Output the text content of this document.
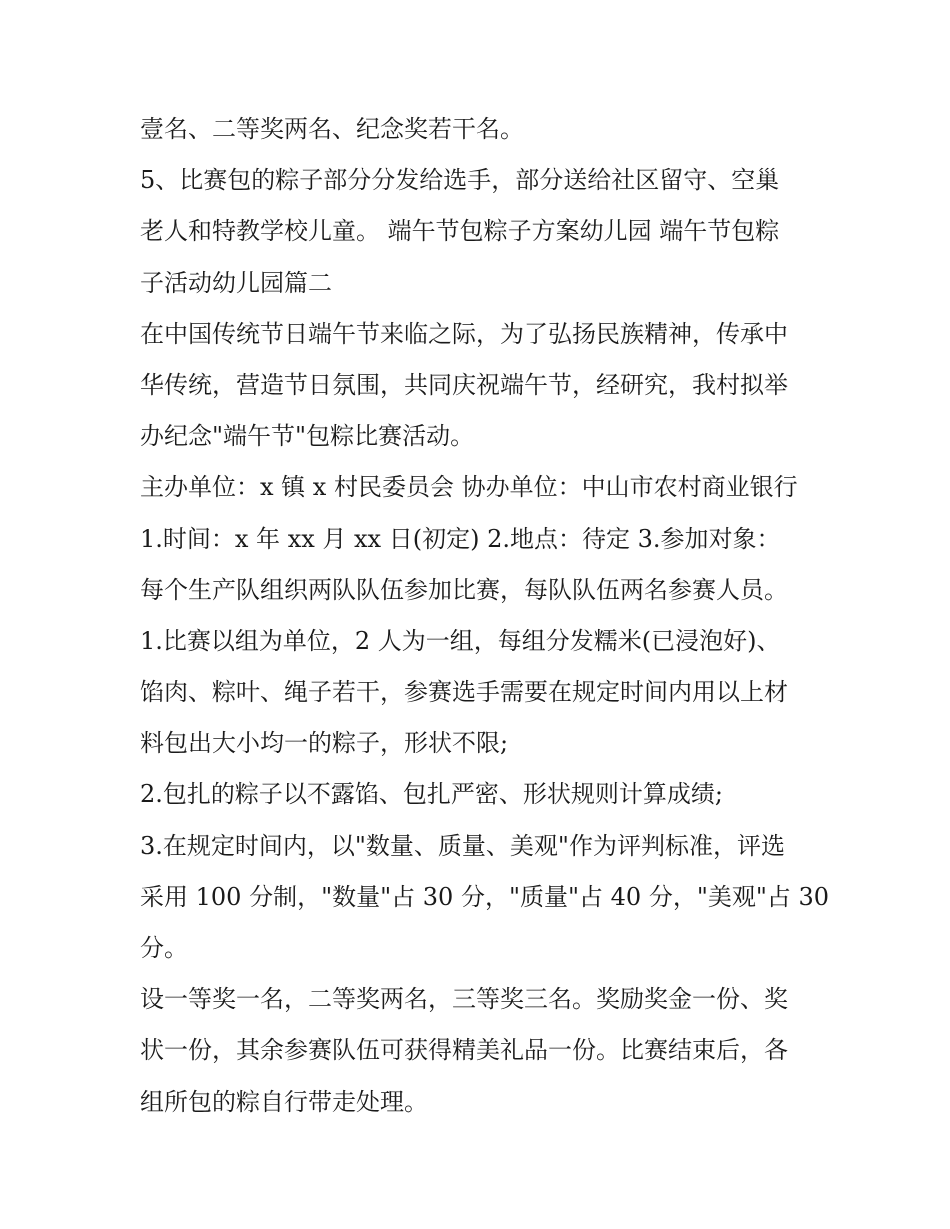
壹名、二等奖两名、纪念奖若干名。
5、比赛包的粽子部分分发给选手，部分送给社区留守、空巢
老人和特教学校儿童。 端午节包粽子方案幼儿园 端午节包粽
子活动幼儿园篇二
在中国传统节日端午节来临之际，为了弘扬民族精神，传承中
华传统，营造节日氛围，共同庆祝端午节，经研究，我村拟举
办纪念"端午节"包粽比赛活动。
主办单位：x 镇 x 村民委员会 协办单位：中山市农村商业银行
1.时间：x 年 xx 月 xx 日(初定) 2.地点：待定 3.参加对象：
每个生产队组织两队队伍参加比赛，每队队伍两名参赛人员。
1.比赛以组为单位，2 人为一组，每组分发糯米(已浸泡好)、
馅肉、粽叶、绳子若干，参赛选手需要在规定时间内用以上材
料包出大小均一的粽子，形状不限;
2.包扎的粽子以不露馅、包扎严密、形状规则计算成绩;
3.在规定时间内，以"数量、质量、美观"作为评判标准，评选
采用 100 分制，"数量"占 30 分，"质量"占 40 分，"美观"占 30
分。
设一等奖一名，二等奖两名，三等奖三名。奖励奖金一份、奖
状一份，其余参赛队伍可获得精美礼品一份。比赛结束后，各
组所包的粽自行带走处理。
